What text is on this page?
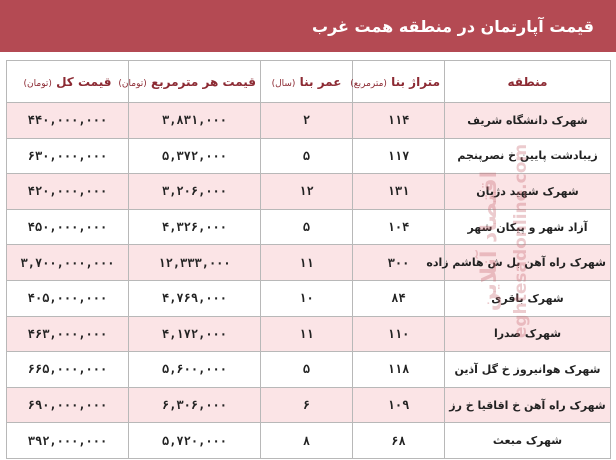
قیمت آپارتمان در منطقه همت غرب
منطقه	متراژ بنا (مترمربع)	عمر بنا (سال)	قیمت هر مترمربع (تومان)	قیمت کل (تومان)
شهرک دانشگاه شریف	۱۱۴	۲	۳,۸۳۱,۰۰۰	۴۴۰,۰۰۰,۰۰۰
زیبادشت پایین خ نصرپنجم	۱۱۷	۵	۵,۳۷۲,۰۰۰	۶۳۰,۰۰۰,۰۰۰
شهرک شهید دژبان	۱۳۱	۱۲	۳,۲۰۶,۰۰۰	۴۲۰,۰۰۰,۰۰۰
آزاد شهر و پیکان شهر	۱۰۴	۵	۴,۳۲۶,۰۰۰	۴۵۰,۰۰۰,۰۰۰
شهرک راه آهن بل ش هاشم زاده	۳۰۰	۱۱	۱۲,۳۳۳,۰۰۰	۳,۷۰۰,۰۰۰,۰۰۰
شهرک باقری	۸۴	۱۰	۴,۷۶۹,۰۰۰	۴۰۵,۰۰۰,۰۰۰
شهرک صدرا	۱۱۰	۱۱	۴,۱۷۲,۰۰۰	۴۶۳,۰۰۰,۰۰۰
شهرک هوانیروز خ گل آذین	۱۱۸	۵	۵,۶۰۰,۰۰۰	۶۶۵,۰۰۰,۰۰۰
شهرک راه آهن خ اقاقیا خ رز	۱۰۹	۶	۶,۳۰۶,۰۰۰	۶۹۰,۰۰۰,۰۰۰
شهرک مبعث	۶۸	۸	۵,۷۲۰,۰۰۰	۳۹۲,۰۰۰,۰۰۰
اقتصاد آنلاین eghtesadonline.com
